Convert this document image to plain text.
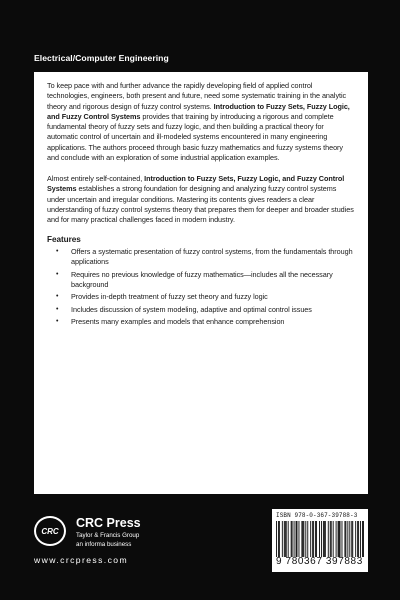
Electrical/Computer Engineering

To keep pace with and further advance the rapidly developing field of applied control technologies, engineers, both present and future, need some systematic training in the analytic theory and rigorous design of fuzzy control systems. Introduction to Fuzzy Sets, Fuzzy Logic, and Fuzzy Control Systems provides that training by introducing a rigorous and complete fundamental theory of fuzzy sets and fuzzy logic, and then building a practical theory for automatic control of uncertain and ill-modeled systems encountered in many engineering applications. The authors proceed through basic fuzzy mathematics and fuzzy systems theory and conclude with an exploration of some industrial application examples.

Almost entirely self-contained, Introduction to Fuzzy Sets, Fuzzy Logic, and Fuzzy Control Systems establishes a strong foundation for designing and analyzing fuzzy control systems under uncertain and irregular conditions. Mastering its contents gives readers a clear understanding of fuzzy control systems theory that prepares them for deeper and broader studies and for many practical challenges faced in modern industry.

Features
• Offers a systematic presentation of fuzzy control systems, from the fundamentals through applications
• Requires no previous knowledge of fuzzy mathematics—includes all the necessary background
• Provides in-depth treatment of fuzzy set theory and fuzzy logic
• Includes discussion of system modeling, adaptive and optimal control issues
• Presents many examples and models that enhance comprehension
CRC
CRC Press
Taylor & Francis Group
an informa business
www.crcpress.com
ISBN 978-0-367-39788-3
9 780367 397883
